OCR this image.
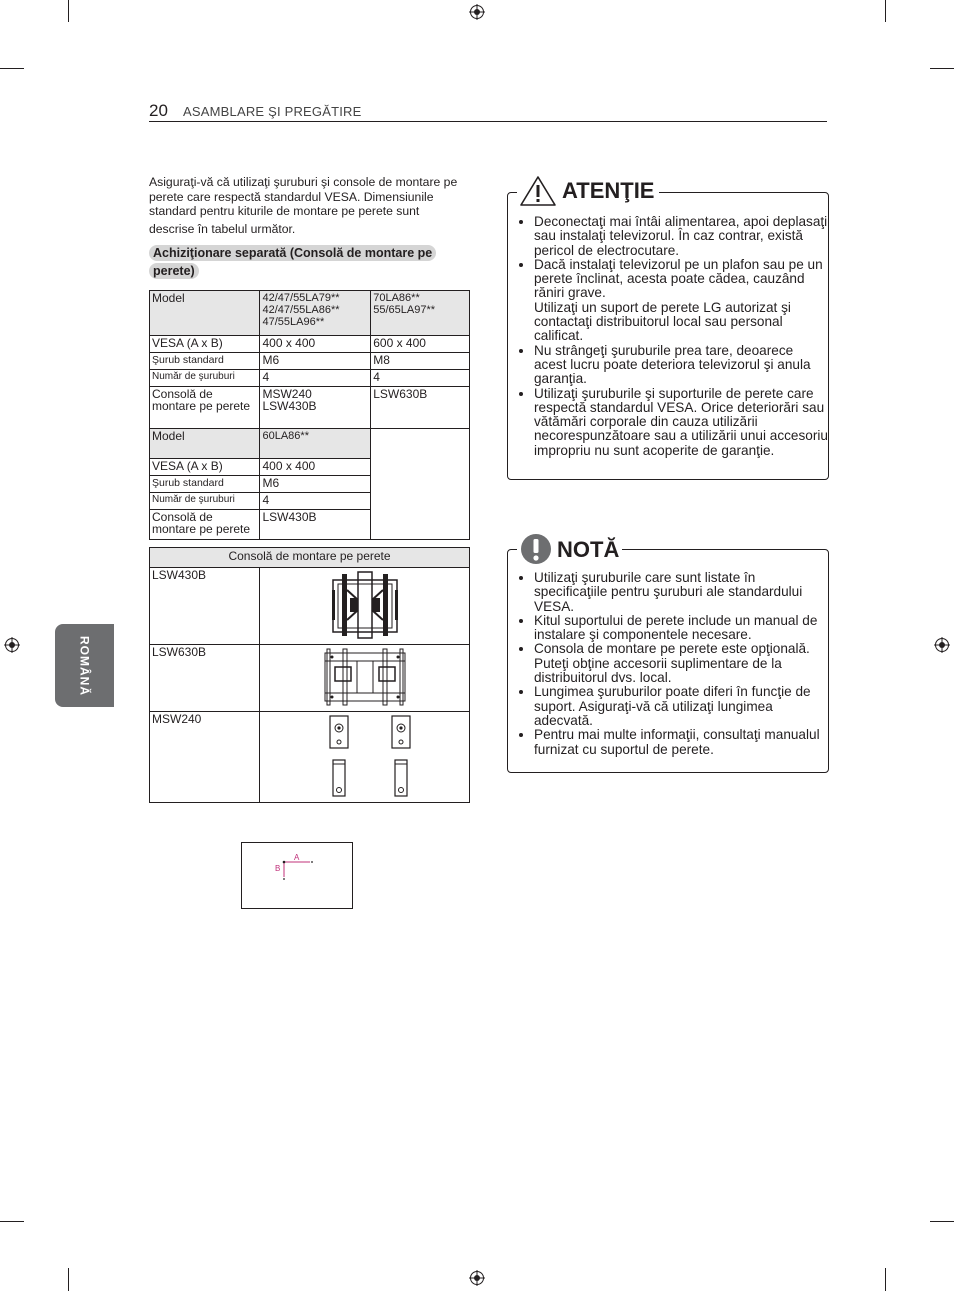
20 ASAMBLARE ŞI PREGĂTIRE
ROMÂNĂ
Asiguraţi-vă că utilizaţi şuruburi şi console de montare pe perete care respectă standardul VESA. Dimensiunile standard pentru kiturile de montare pe perete sunt
descrise în tabelul următor.
Achiziţionare separată (Consolă de montare pe perete)
Model	42/47/55LA79** 42/47/55LA86** 47/55LA96**	70LA86** 55/65LA97**
VESA (A x B)	400 x 400	600 x 400
Şurub standard	M6	M8
Număr de şuruburi	4	4
Consolă de montare pe perete	MSW240 LSW430B	LSW630B
Model	60LA86**	
VESA (A x B)	400 x 400	
Şurub standard	M6	
Număr de şuruburi	4	
Consolă de montare pe perete	LSW430B	
Consolă de montare pe perete	
LSW430B	
LSW630B	
MSW240	
A
B
• Deconectaţi mai întâi alimentarea, apoi deplasaţi sau instalaţi televizorul. În caz contrar, există pericol de electrocutare.
• Dacă instalaţi televizorul pe un plafon sau pe un perete înclinat, acesta poate cădea, cauzând răniri grave.
Utilizaţi un suport de perete LG autorizat şi contactaţi distribuitorul local sau personal calificat.
• Nu strângeţi şuruburile prea tare, deoarece acest lucru poate deteriora televizorul şi anula garanţia.
• Utilizaţi şuruburile şi suporturile de perete care respectă standardul VESA. Orice deteriorări sau vătămări corporale din cauza utilizării necorespunzătoare sau a utilizării unui accesoriu impropriu nu sunt acoperite de garanţie.
ATENŢIE
• Utilizaţi şuruburile care sunt listate în specificaţiile pentru şuruburi ale standardului VESA.
• Kitul suportului de perete include un manual de instalare şi componentele necesare.
• Consola de montare pe perete este opţională. Puteţi obţine accesorii suplimentare de la distribuitorul dvs. local.
• Lungimea şuruburilor poate diferi în funcţie de suport. Asiguraţi-vă că utilizaţi lungimea adecvată.
• Pentru mai multe informaţii, consultaţi manualul furnizat cu suportul de perete.
NOTĂ
